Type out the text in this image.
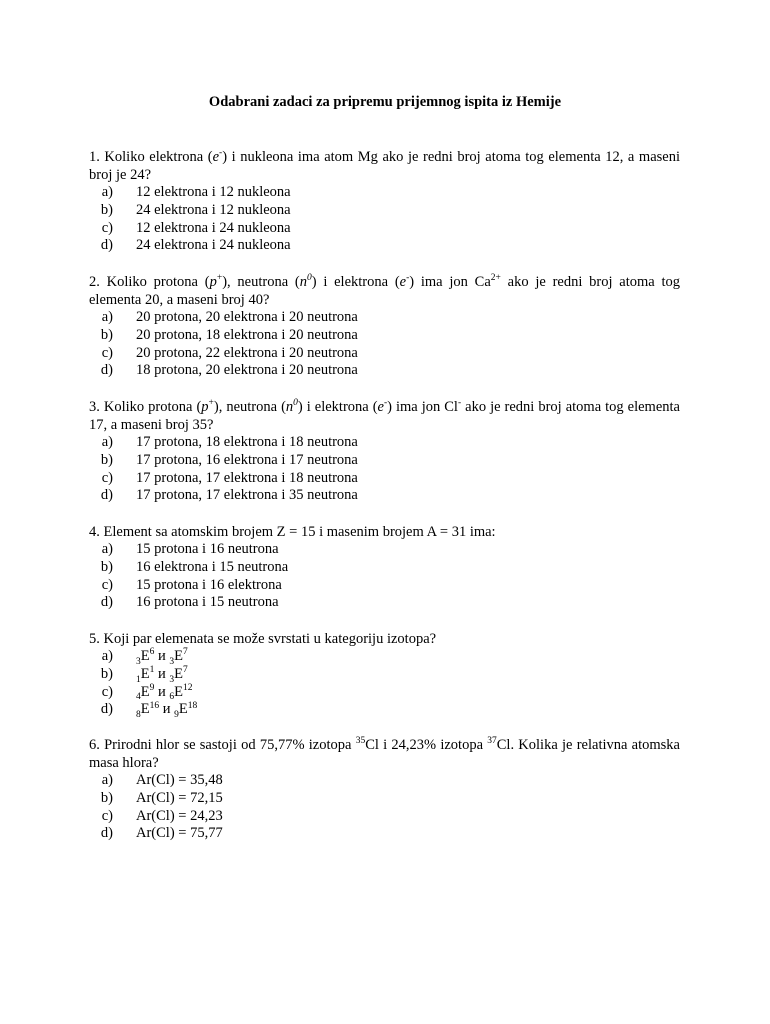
Odabrani zadaci za pripremu prijemnog ispita iz Hemije
1. Koliko elektrona (e-) i nukleona ima atom Mg ako je redni broj atoma tog elementa 12, a maseni broj je 24?
a) 12 elektrona i 12 nukleona
b) 24 elektrona i 12 nukleona
c) 12 elektrona i 24 nukleona
d) 24 elektrona i 24 nukleona
2. Koliko protona (p+), neutrona $(n^0)$ i elektrona (e-) ima jon $Ca^{2+}$ ako je redni broj atoma tog elementa 20, a maseni broj 40?
a) 20 protona, 20 elektrona i 20 neutrona
b) 20 protona, 18 elektrona i 20 neutrona
c) 20 protona, 22 elektrona i 20 neutrona
d) 18 protona, 20 elektrona i 20 neutrona
3. Koliko protona (p+), neutrona $(n^0)$ i elektrona (e-) ima jon Cl- ako je redni broj atoma tog elementa 17, a maseni broj 35?
a) 17 protona, 18 elektrona i 18 neutrona
b) 17 protona, 16 elektrona i 17 neutrona
c) 17 protona, 17 elektrona i 18 neutrona
d) 17 protona, 17 elektrona i 35 neutrona
4. Element sa atomskim brojem Z = 15 i masenim brojem A = 31 ima:
a) 15 protona i 16 neutrona
b) 16 elektrona i 15 neutrona
c) 15 protona i 16 elektrona
d) 16 protona i 15 neutrona
5. Koji par elemenata se može svrstati u kategoriju izotopa?
a) $_3E^6$ и $_3E^7$
b) $_1E^1$ и $_3E^7$
c) $_4E^9$ и $_6E^{12}$
d) $_8E^{16}$ и $_9E^{18}$
6. Prirodni hlor se sastoji od 75,77% izotopa $^{35}$Cl i 24,23% izotopa $^{37}$Cl. Kolika je relativna atomska masa hlora?
a) Ar(Cl) = 35,48
b) Ar(Cl) = 72,15
c) Ar(Cl) = 24,23
d) Ar(Cl) = 75,77
